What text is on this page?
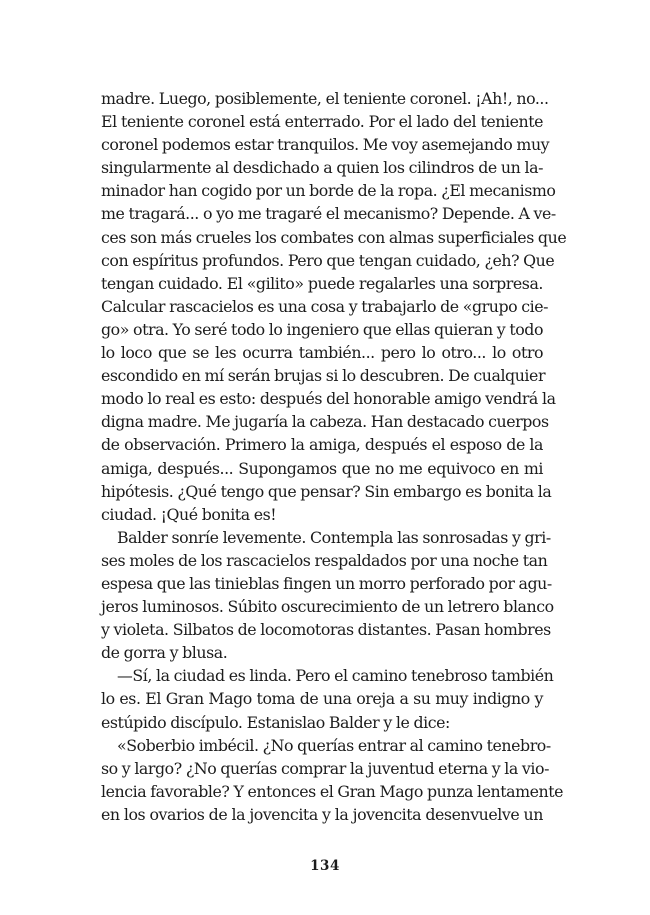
madre. Luego, posiblemente, el teniente coronel. ¡Ah!, no...
El teniente coronel está enterrado. Por el lado del teniente
coronel podemos estar tranquilos. Me voy asemejando muy
singularmente al desdichado a quien los cilindros de un la-
minador han cogido por un borde de la ropa. ¿El mecanismo
me tragará... o yo me tragaré el mecanismo? Depende. A ve-
ces son más crueles los combates con almas superficiales que
con espíritus profundos. Pero que tengan cuidado, ¿eh? Que
tengan cuidado. El «gilito» puede regalarles una sorpresa.
Calcular rascacielos es una cosa y trabajarlo de «grupo cie-
go» otra. Yo seré todo lo ingeniero que ellas quieran y todo
lo loco que se les ocurra también... pero lo otro... lo otro
escondido en mí serán brujas si lo descubren. De cualquier
modo lo real es esto: después del honorable amigo vendrá la
digna madre. Me jugaría la cabeza. Han destacado cuerpos
de observación. Primero la amiga, después el esposo de la
amiga, después... Supongamos que no me equivoco en mi
hipótesis. ¿Qué tengo que pensar? Sin embargo es bonita la
ciudad. ¡Qué bonita es!
Balder sonríe levemente. Contempla las sonrosadas y gri-
ses moles de los rascacielos respaldados por una noche tan
espesa que las tinieblas fingen un morro perforado por agu-
jeros luminosos. Súbito oscurecimiento de un letrero blanco
y violeta. Silbatos de locomotoras distantes. Pasan hombres
de gorra y blusa.
—Sí, la ciudad es linda. Pero el camino tenebroso también
lo es. El Gran Mago toma de una oreja a su muy indigno y
estúpido discípulo. Estanislao Balder y le dice:
«Soberbio imbécil. ¿No querías entrar al camino tenebro-
so y largo? ¿No querías comprar la juventud eterna y la vio-
lencia favorable? Y entonces el Gran Mago punza lentamente
en los ovarios de la jovencita y la jovencita desenvuelve un
134
